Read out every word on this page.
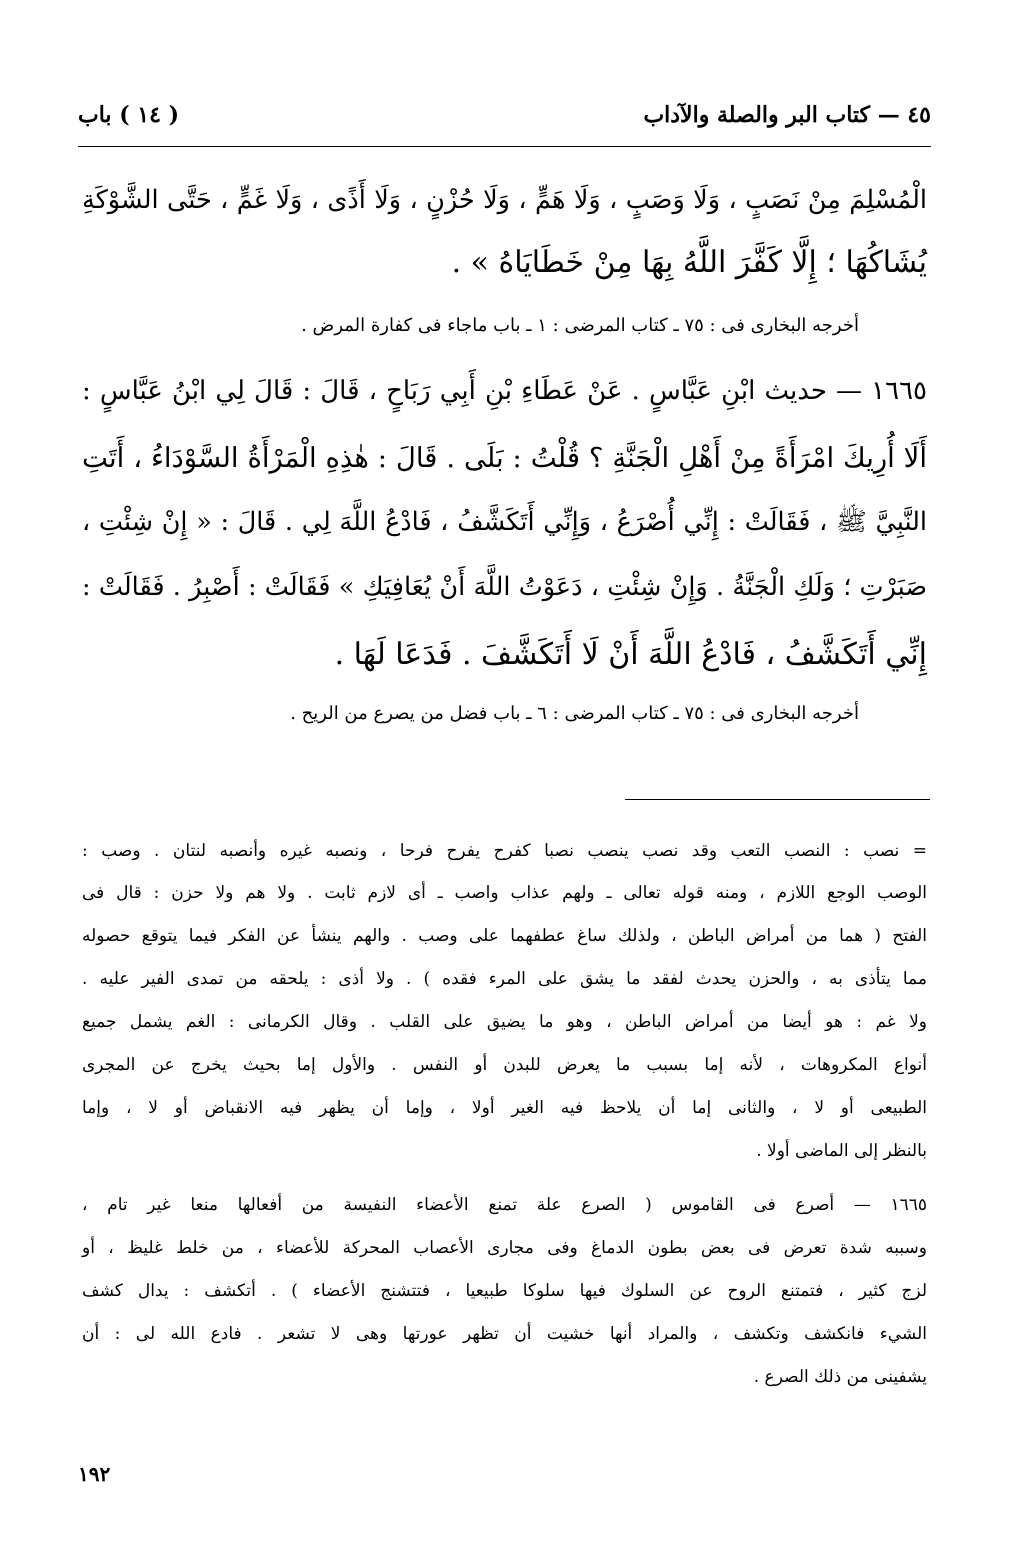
٤٥ — كتاب البر والصلة والآداب
( ١٤ ) باب
الْمُسْلِمَ مِنْ نَصَبٍ ، وَلَا وَصَبٍ ، وَلَا هَمٍّ ، وَلَا حُزْنٍ ، وَلَا أَذًى ، وَلَا غَمٍّ ، حَتَّى الشَّوْكَةِ
يُشَاكُهَا ؛ إِلَّا كَفَّرَ اللَّهُ بِهَا مِنْ خَطَايَاهُ » .
أخرجه البخارى فى : ٧٥ ـ كتاب المرضى : ١ ـ باب ماجاء فى كفارة المرض .
١٦٦٥ — حديث ابْنِ عَبَّاسٍ . عَنْ عَطَاءِ بْنِ أَبِي رَبَاحٍ ، قَالَ : قَالَ لِي ابْنُ عَبَّاسٍ :
أَلَا أُرِيكَ امْرَأَةً مِنْ أَهْلِ الْجَنَّةِ ؟ قُلْتُ : بَلَى . قَالَ : هٰذِهِ الْمَرْأَةُ السَّوْدَاءُ ، أَتَتِ
النَّبِيَّ ﷺ ، فَقَالَتْ : إِنِّي أُصْرَعُ ، وَإِنِّي أَتَكَشَّفُ ، فَادْعُ اللَّهَ لِي . قَالَ : « إِنْ شِئْتِ ،
صَبَرْتِ ؛ وَلَكِ الْجَنَّةُ . وَإِنْ شِئْتِ ، دَعَوْتُ اللَّهَ أَنْ يُعَافِيَكِ » فَقَالَتْ : أَصْبِرُ . فَقَالَتْ :
إِنِّي أَتَكَشَّفُ ، فَادْعُ اللَّهَ أَنْ لَا أَتَكَشَّفَ . فَدَعَا لَهَا .
أخرجه البخارى فى : ٧٥ ـ كتاب المرضى : ٦ ـ باب فضل من يصرع من الريح .
= نصب : النصب التعب وقد نصب ينصب نصبا كفرح يفرح فرحا ، ونصبه غيره وأنصبه لنتان . وصب :
الوصب الوجع اللازم ، ومنه قوله تعالى ـ ولهم عذاب واصب ـ أى لازم ثابت . ولا هم ولا حزن : قال فى
الفتح ( هما من أمراض الباطن ، ولذلك ساغ عطفهما على وصب . والهم ينشأ عن الفكر فيما يتوقع حصوله
مما يتأذى به ، والحزن يحدث لفقد ما يشق على المرء فقده ) . ولا أذى : يلحقه من تمدى الفير عليه .
ولا غم : هو أيضا من أمراض الباطن ، وهو ما يضيق على القلب . وقال الكرمانى : الغم يشمل جميع
أنواع المكروهات ، لأنه إما بسبب ما يعرض للبدن أو النفس . والأول إما بحيث يخرج عن المجرى
الطبيعى أو لا ، والثانى إما أن يلاحظ فيه الغير أولا ، وإما أن يظهر فيه الانقباض أو لا ، وإما
بالنظر إلى الماضى أولا .
١٦٦٥ — أصرع فى القاموس ( الصرع علة تمنع الأعضاء النفيسة من أفعالها منعا غير تام ،
وسببه شدة تعرض فى بعض بطون الدماغ وفى مجارى الأعصاب المحركة للأعضاء ، من خلط غليظ ، أو
لزج كثير ، فتمتنع الروح عن السلوك فيها سلوكا طبيعيا ، فتتشنج الأعضاء ) . أتكشف : يدال كشف
الشيء فانكشف وتكشف ، والمراد أنها خشيت أن تظهر عورتها وهى لا تشعر . فادع الله لى : أن
يشفينى من ذلك الصرع .
١٩٢
